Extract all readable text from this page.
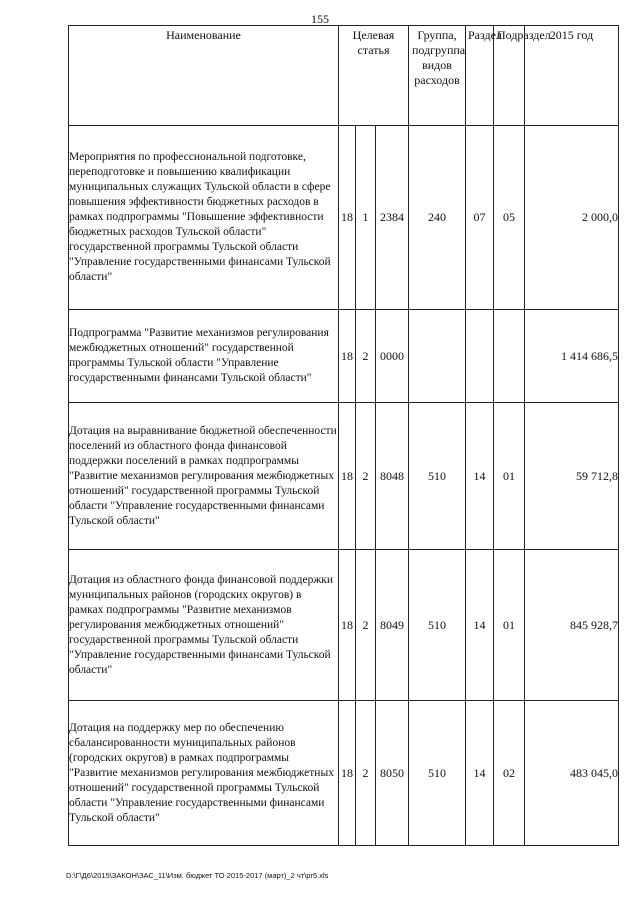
155
Наименование	Целевая статья			Группа, подгруппа видов расходов	Раздел	Подраздел	2015 год
Мероприятия по профессиональной подготовке, переподготовке и повышению квалификации муниципальных служащих Тульской области в сфере повышения эффективности бюджетных расходов в рамках подпрограммы "Повышение эффективности бюджетных расходов Тульской области" государственной программы Тульской области "Управление государственными финансами Тульской области"	18	1	2384	240	07	05	2 000,0
Подпрограмма "Развитие механизмов регулирования межбюджетных отношений" государственной программы Тульской области "Управление государственными финансами Тульской области"	18	2	0000				1 414 686,5
Дотация на выравнивание бюджетной обеспеченности поселений из областного фонда финансовой поддержки поселений в рамках подпрограммы "Развитие механизмов регулирования межбюджетных отношений" государственной программы Тульской области "Управление государственными финансами Тульской области"	18	2	8048	510	14	01	59 712,8
Дотация из областного фонда финансовой поддержки муниципальных районов (городских округов) в рамках подпрограммы "Развитие механизмов регулирования межбюджетных отношений" государственной программы Тульской области "Управление государственными финансами Тульской области"	18	2	8049	510	14	01	845 928,7
Дотация на поддержку мер по обеспечению сбалансированности муниципальных районов (городских округов) в рамках подпрограммы "Развитие механизмов регулирования межбюджетных отношений" государственной программы Тульской области "Управление государственными финансами Тульской области"	18	2	8050	510	14	02	483 045,0
D:\Г\Д6\2015\ЗАКОН\ЗАС_11\Изм. бюджет ТО 2015-2017 (март)_2 чт\pr5.xls
